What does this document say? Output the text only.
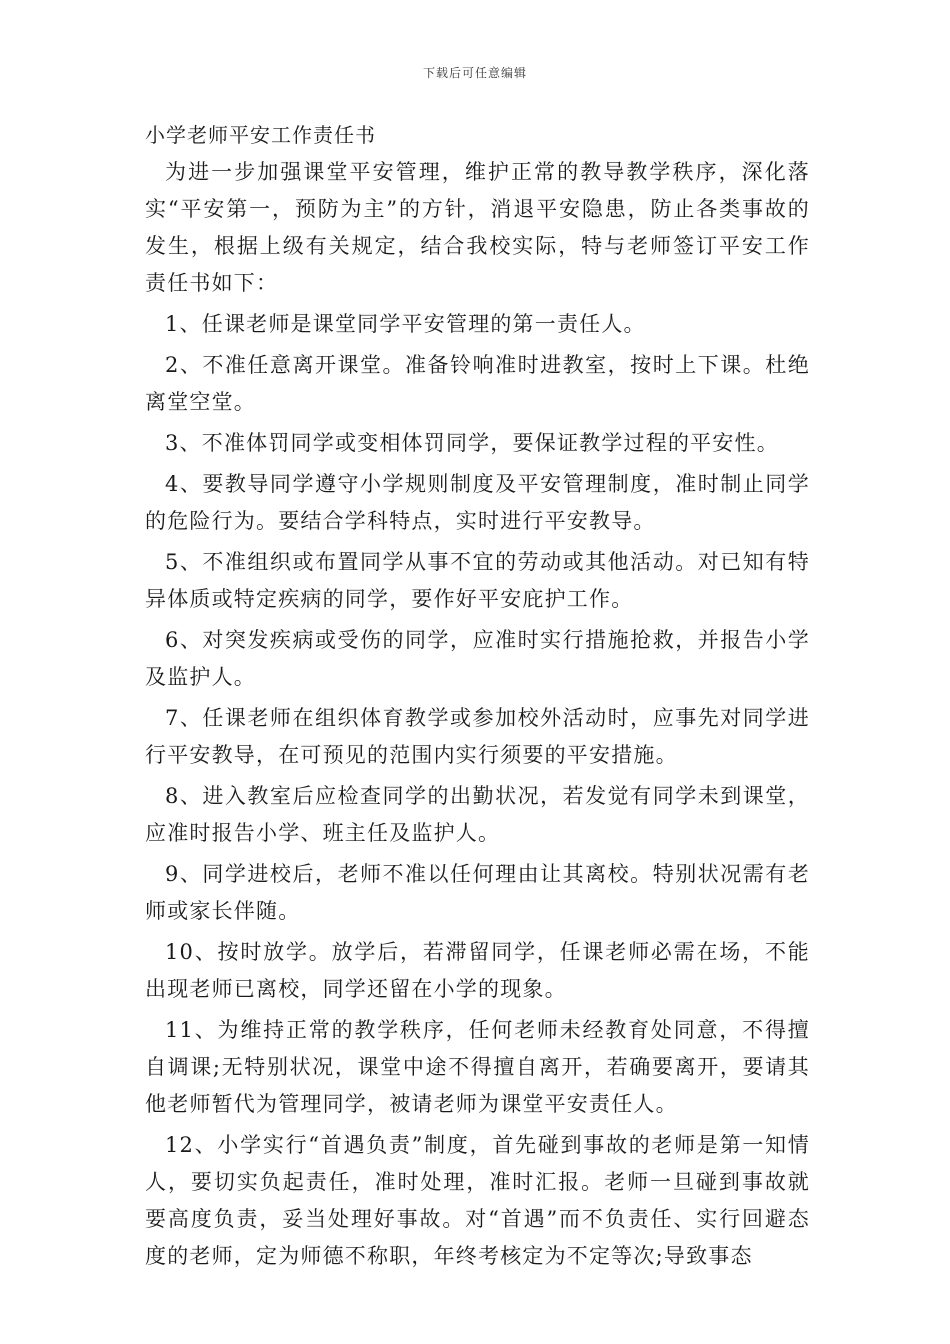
下载后可任意编辑
小学老师平安工作责任书

为进一步加强课堂平安管理，维护正常的教导教学秩序，深化落实“平安第一，预防为主”的方针，消退平安隐患，防止各类事故的发生，根据上级有关规定，结合我校实际，特与老师签订平安工作责任书如下：

1、任课老师是课堂同学平安管理的第一责任人。

2、不准任意离开课堂。准备铃响准时进教室，按时上下课。杜绝离堂空堂。

3、不准体罚同学或变相体罚同学，要保证教学过程的平安性。

4、要教导同学遵守小学规则制度及平安管理制度，准时制止同学的危险行为。要结合学科特点，实时进行平安教导。

5、不准组织或布置同学从事不宜的劳动或其他活动。对已知有特异体质或特定疾病的同学，要作好平安庇护工作。

6、对突发疾病或受伤的同学，应准时实行措施抢救，并报告小学及监护人。

7、任课老师在组织体育教学或参加校外活动时，应事先对同学进行平安教导，在可预见的范围内实行须要的平安措施。

8、进入教室后应检查同学的出勤状况，若发觉有同学未到课堂，应准时报告小学、班主任及监护人。

9、同学进校后，老师不准以任何理由让其离校。特别状况需有老师或家长伴随。

10、按时放学。放学后，若滞留同学，任课老师必需在场，不能出现老师已离校，同学还留在小学的现象。

11、为维持正常的教学秩序，任何老师未经教育处同意，不得擅自调课;无特别状况，课堂中途不得擅自离开，若确要离开，要请其他老师暂代为管理同学，被请老师为课堂平安责任人。

12、小学实行“首遇负责”制度，首先碰到事故的老师是第一知情人，要切实负起责任，准时处理，准时汇报。老师一旦碰到事故就要高度负责，妥当处理好事故。对“首遇”而不负责任、实行回避态度的老师，定为师德不称职，年终考核定为不定等次;导致事态
